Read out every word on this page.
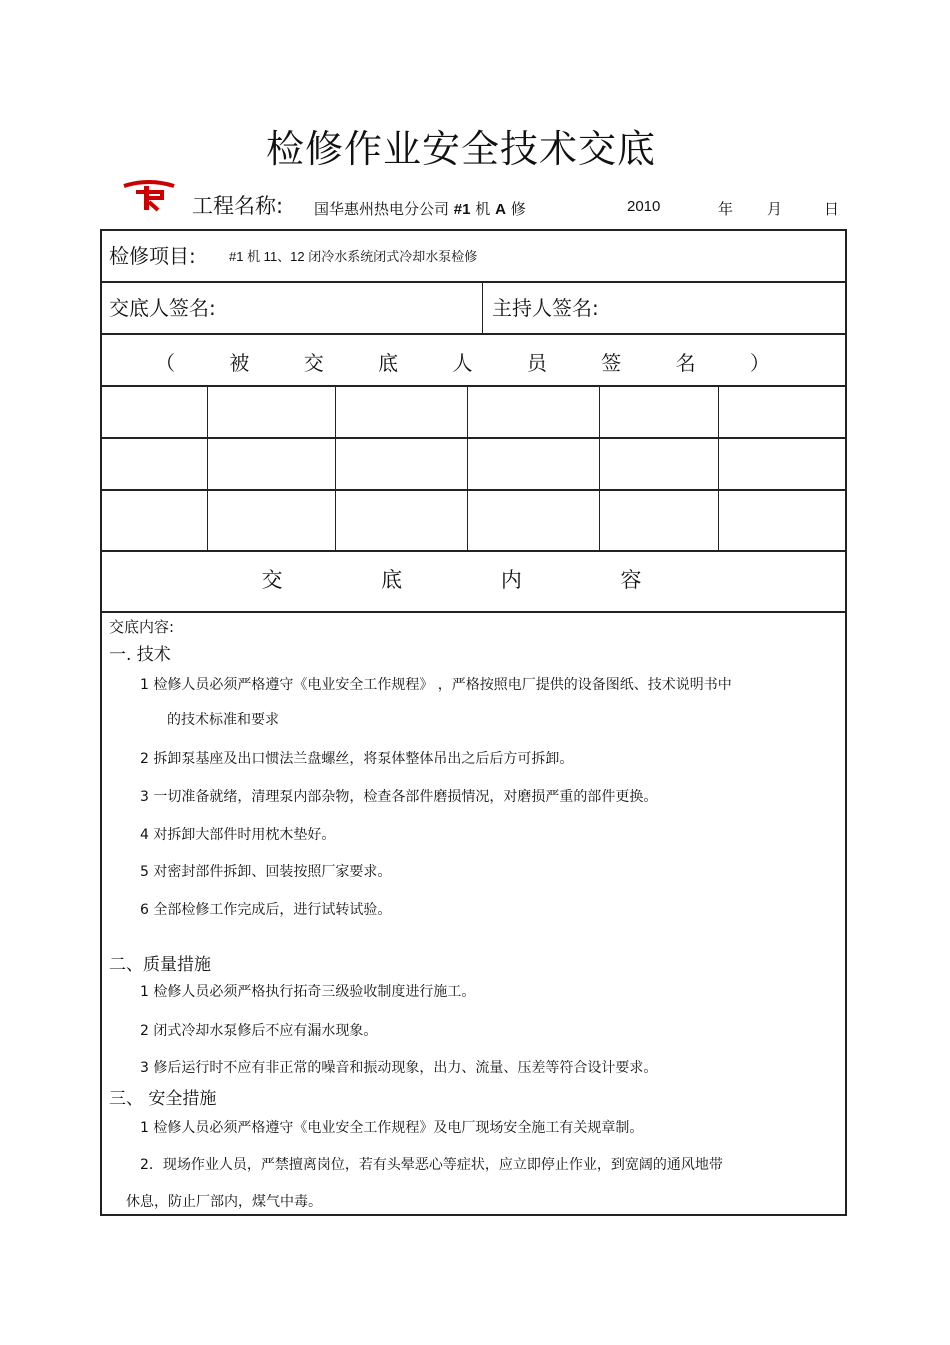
检修作业安全技术交底
工程名称: 国华惠州热电分公司 #1 机 A 修	2010	年 月	日
检修项目:	#1 机 11、12 闭冷水系统闭式冷却水泵检修
交底人签名:	主持人签名:
（ 被 交 底 人 员 签 名 ）
交 底 内 容
交底内容:
一. 技术
1 检修人员必须严格遵守《电业安全工作规程》 ，严格按照电厂提供的设备图纸、技术说明书中
的技术标准和要求
2 拆卸泵基座及出口惯法兰盘螺丝，将泵体整体吊出之后后方可拆卸。
3 一切准备就绪，清理泵内部杂物，检查各部件磨损情况，对磨损严重的部件更换。
4 对拆卸大部件时用枕木垫好。
5 对密封部件拆卸、回装按照厂家要求。
6 全部检修工作完成后，进行试转试验。
二、质量措施
1 检修人员必须严格执行拓奇三级验收制度进行施工。
2 闭式冷却水泵修后不应有漏水现象。
3 修后运行时不应有非正常的噪音和振动现象，出力、流量、压差等符合设计要求。
三、 安全措施
1 检修人员必须严格遵守《电业安全工作规程》及电厂现场安全施工有关规章制。
2．现场作业人员，严禁擅离岗位，若有头晕恶心等症状，应立即停止作业，到宽阔的通风地带
休息，防止厂部内，煤气中毒。
